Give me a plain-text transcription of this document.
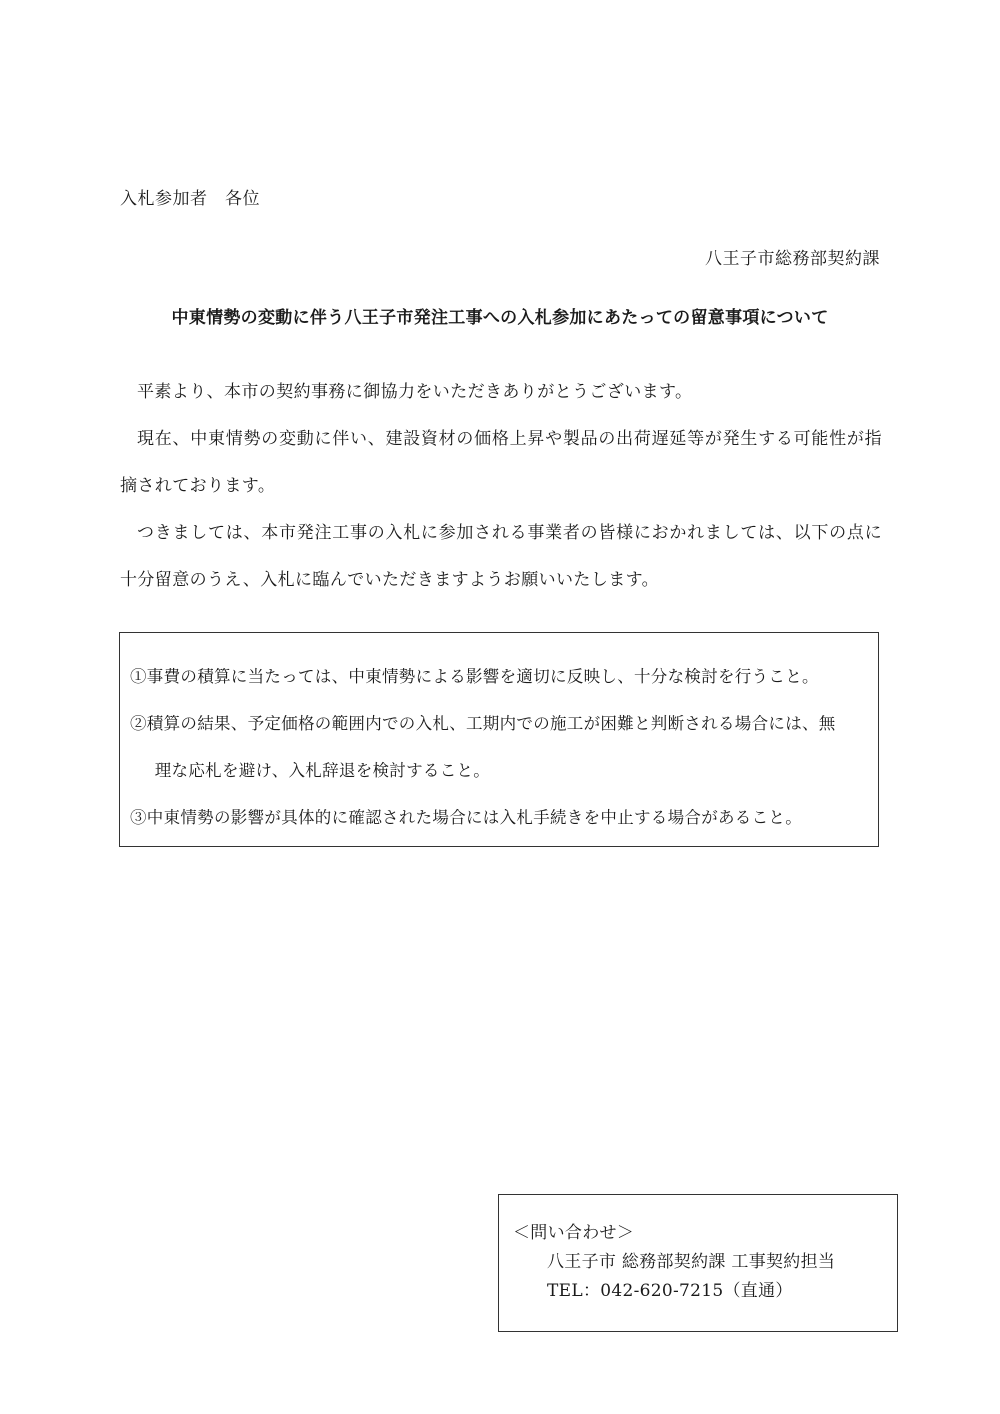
入札参加者　各位
八王子市総務部契約課
中東情勢の変動に伴う八王子市発注工事への入札参加にあたっての留意事項について

平素より、本市の契約事務に御協力をいただきありがとうございます。

現在、中東情勢の変動に伴い、建設資材の価格上昇や製品の出荷遅延等が発生する可能性が指摘されております。

つきましては、本市発注工事の入札に参加される事業者の皆様におかれましては、以下の点に十分留意のうえ、入札に臨んでいただきますようお願いいたします。

①事費の積算に当たっては、中東情勢による影響を適切に反映し、十分な検討を行うこと。
②積算の結果、予定価格の範囲内での入札、工期内での施工が困難と判断される場合には、無
理な応札を避け、入札辞退を検討すること。
③中東情勢の影響が具体的に確認された場合には入札手続きを中止する場合があること。
＜問い合わせ＞
八王子市 総務部契約課 工事契約担当
TEL：042-620-7215（直通）
